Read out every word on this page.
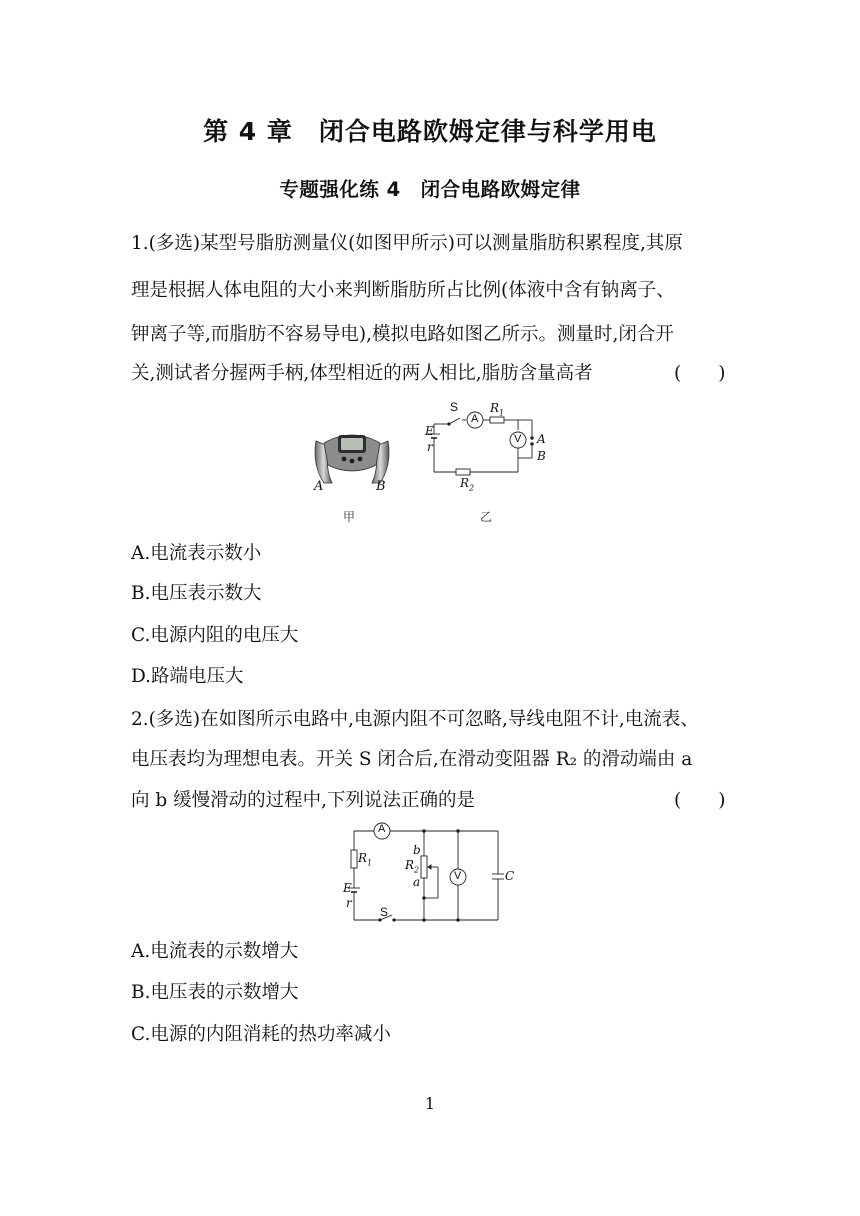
第 4 章　闭合电路欧姆定律与科学用电
专题强化练 4　闭合电路欧姆定律
1.(多选)某型号脂肪测量仪(如图甲所示)可以测量脂肪积累程度,其原
理是根据人体电阻的大小来判断脂肪所占比例(体液中含有钠离子、
钾离子等,而脂肪不容易导电),模拟电路如图乙所示。测量时,闭合开
关,测试者分握两手柄,体型相近的两人相比,脂肪含量高者	(　　)
A	B
甲
S
A
$R_1$
E
r
V A
B
$R_2$
乙
A.电流表示数小
B.电压表示数大
C.电源内阻的电压大
D.路端电压大
2.(多选)在如图所示电路中,电源内阻不可忽略,导线电阻不计,电流表、
电压表均为理想电表。开关 S 闭合后,在滑动变阻器 R₂ 的滑动端由 a
向 b 缓慢滑动的过程中,下列说法正确的是	(　　)
A
$R_1$
b
$R_2$
a	V	C
E
r
S
A.电流表的示数增大
B.电压表的示数增大
C.电源的内阻消耗的热功率减小
1
